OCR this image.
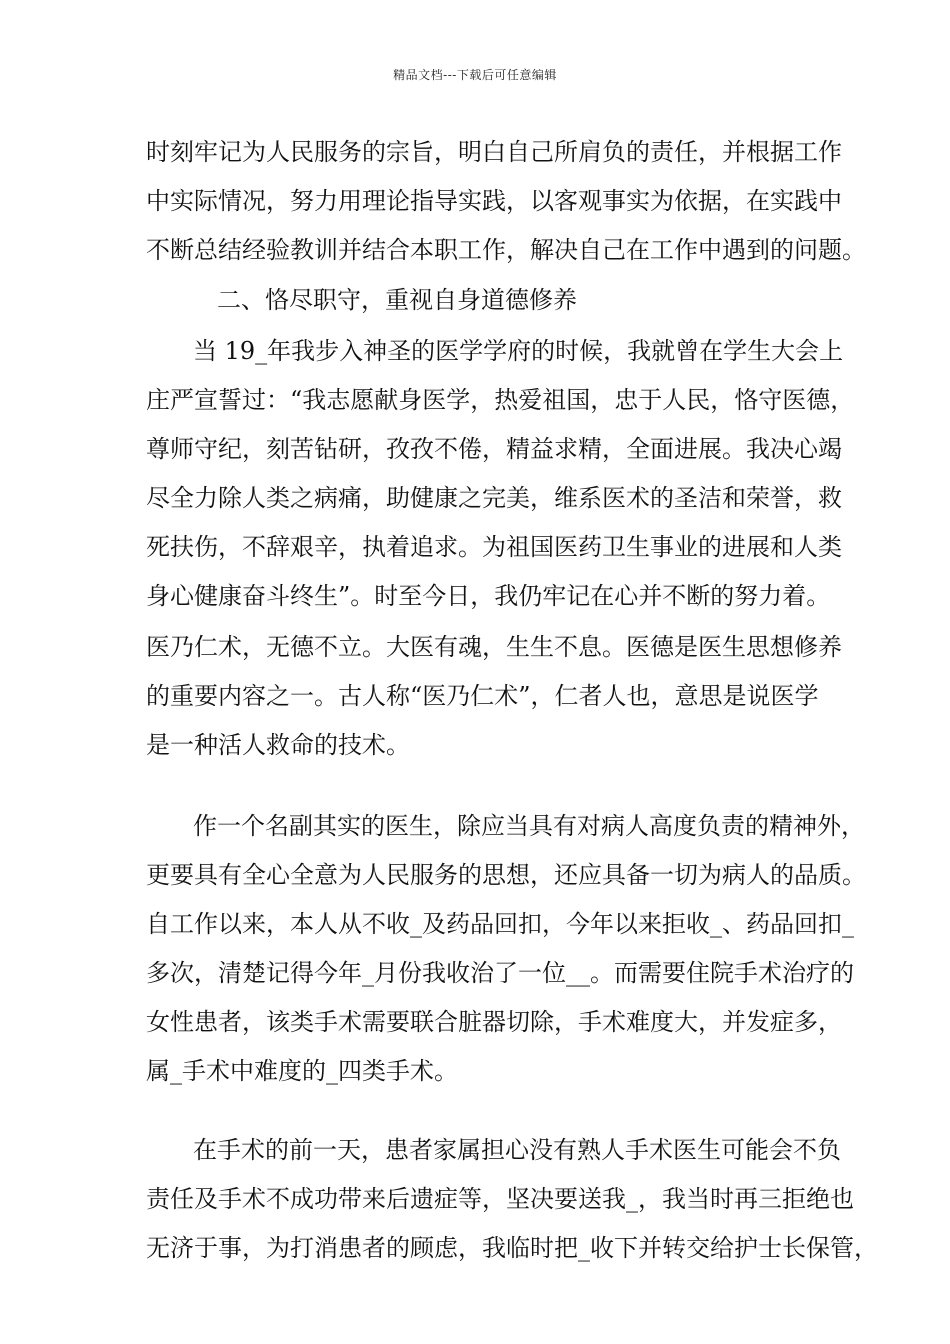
精品文档---下载后可任意编辑
时刻牢记为人民服务的宗旨，明白自己所肩负的责任，并根据工作
中实际情况，努力用理论指导实践，以客观事实为依据，在实践中
不断总结经验教训并结合本职工作，解决自己在工作中遇到的问题。
二、恪尽职守，重视自身道德修养
当 19_年我步入神圣的医学学府的时候，我就曾在学生大会上
庄严宣誓过：“我志愿献身医学，热爱祖国，忠于人民，恪守医德，
尊师守纪，刻苦钻研，孜孜不倦，精益求精，全面进展。我决心竭
尽全力除人类之病痛，助健康之完美，维系医术的圣洁和荣誉，救
死扶伤，不辞艰辛，执着追求。为祖国医药卫生事业的进展和人类
身心健康奋斗终生”。时至今日，我仍牢记在心并不断的努力着。
医乃仁术，无德不立。大医有魂，生生不息。医德是医生思想修养
的重要内容之一。古人称“医乃仁术”，仁者人也，意思是说医学
是一种活人救命的技术。
作一个名副其实的医生，除应当具有对病人高度负责的精神外，
更要具有全心全意为人民服务的思想，还应具备一切为病人的品质。
自工作以来，本人从不收_及药品回扣，今年以来拒收_、药品回扣_
多次，清楚记得今年_月份我收治了一位__。而需要住院手术治疗的
女性患者，该类手术需要联合脏器切除，手术难度大，并发症多，
属_手术中难度的_四类手术。
在手术的前一天，患者家属担心没有熟人手术医生可能会不负
责任及手术不成功带来后遗症等，坚决要送我_，我当时再三拒绝也
无济于事，为打消患者的顾虑，我临时把_收下并转交给护士长保管，
